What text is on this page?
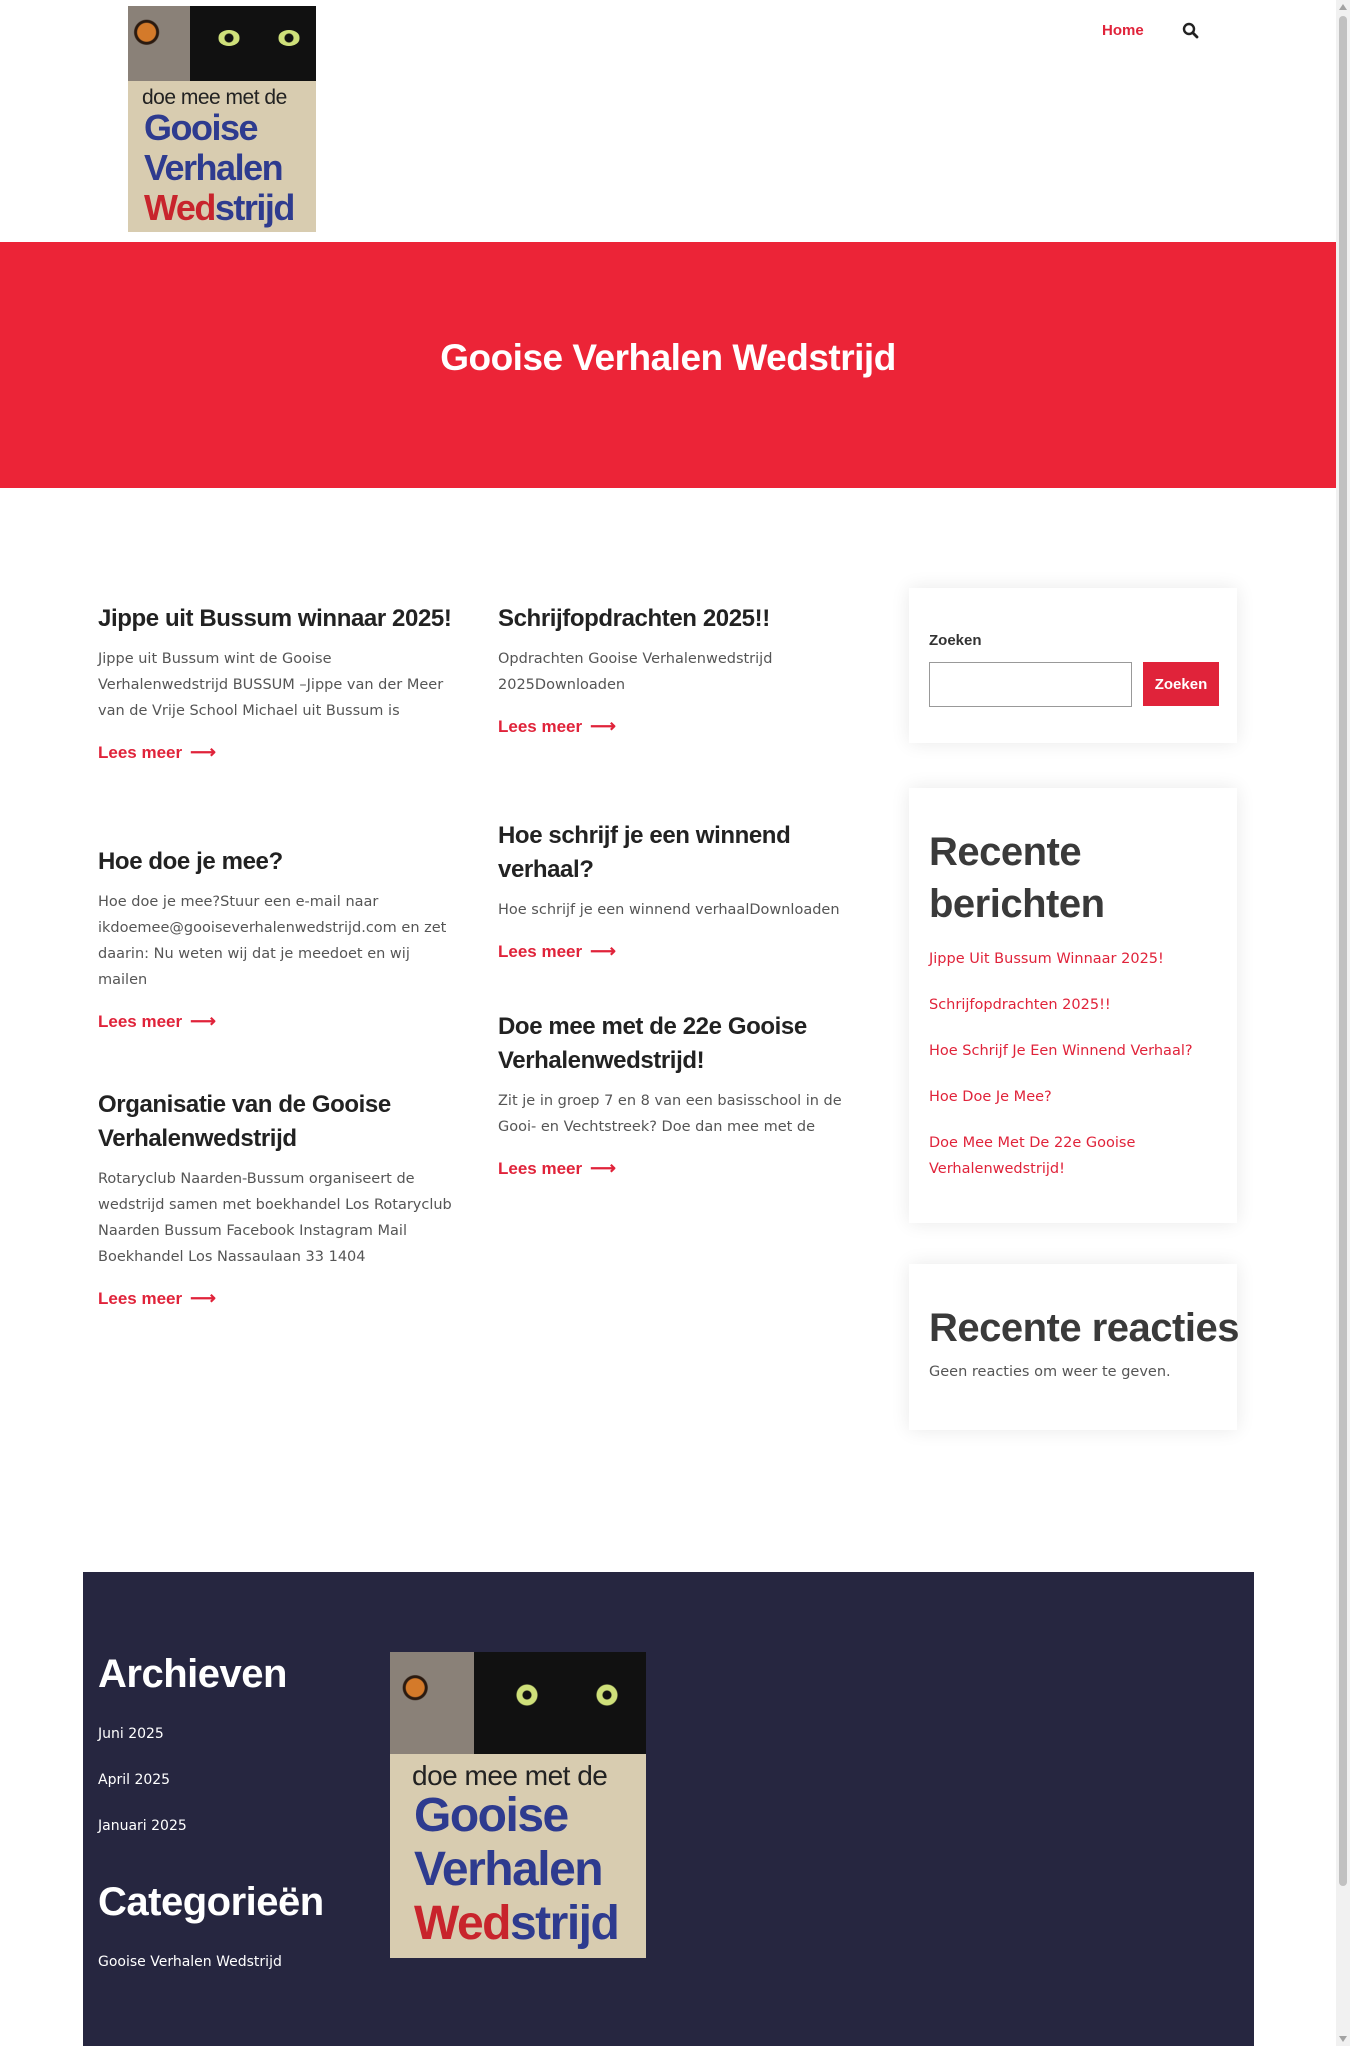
doe mee met de
Gooise
Verhalen
Wedstrijd
Home
Gooise Verhalen Wedstrijd
Jippe uit Bussum winnaar 2025!

Jippe uit Bussum wint de Gooise Verhalenwedstrijd BUSSUM –Jippe van der Meer van de Vrije School Michael uit Bussum is

Lees meer ⟶
Hoe doe je mee?

Hoe doe je mee?Stuur een e-mail naar ikdoemee@gooiseverhalenwedstrijd.com en zet daarin: Nu weten wij dat je meedoet en wij mailen

Lees meer ⟶
Organisatie van de Gooise Verhalenwedstrijd

Rotaryclub Naarden-Bussum organiseert de wedstrijd samen met boekhandel Los Rotaryclub Naarden Bussum Facebook Instagram Mail Boekhandel Los Nassaulaan 33 1404

Lees meer ⟶
Schrijfopdrachten 2025!!

Opdrachten Gooise Verhalenwedstrijd 2025Downloaden

Lees meer ⟶
Hoe schrijf je een winnend verhaal?

Hoe schrijf je een winnend verhaalDownloaden

Lees meer ⟶
Doe mee met de 22e Gooise Verhalenwedstrijd!

Zit je in groep 7 en 8 van een basisschool in de Gooi- en Vechtstreek? Doe dan mee met de

Lees meer ⟶
Zoeken
Zoeken
Recente berichten
Jippe Uit Bussum Winnaar 2025!
Schrijfopdrachten 2025!!
Hoe Schrijf Je Een Winnend Verhaal?
Hoe Doe Je Mee?
Doe Mee Met De 22e Gooise Verhalenwedstrijd!
Recente reacties

Geen reacties om weer te geven.

Archieven
Juni 2025
April 2025
Januari 2025
Categorieën
Gooise Verhalen Wedstrijd
doe mee met de
Gooise
Verhalen
Wedstrijd
